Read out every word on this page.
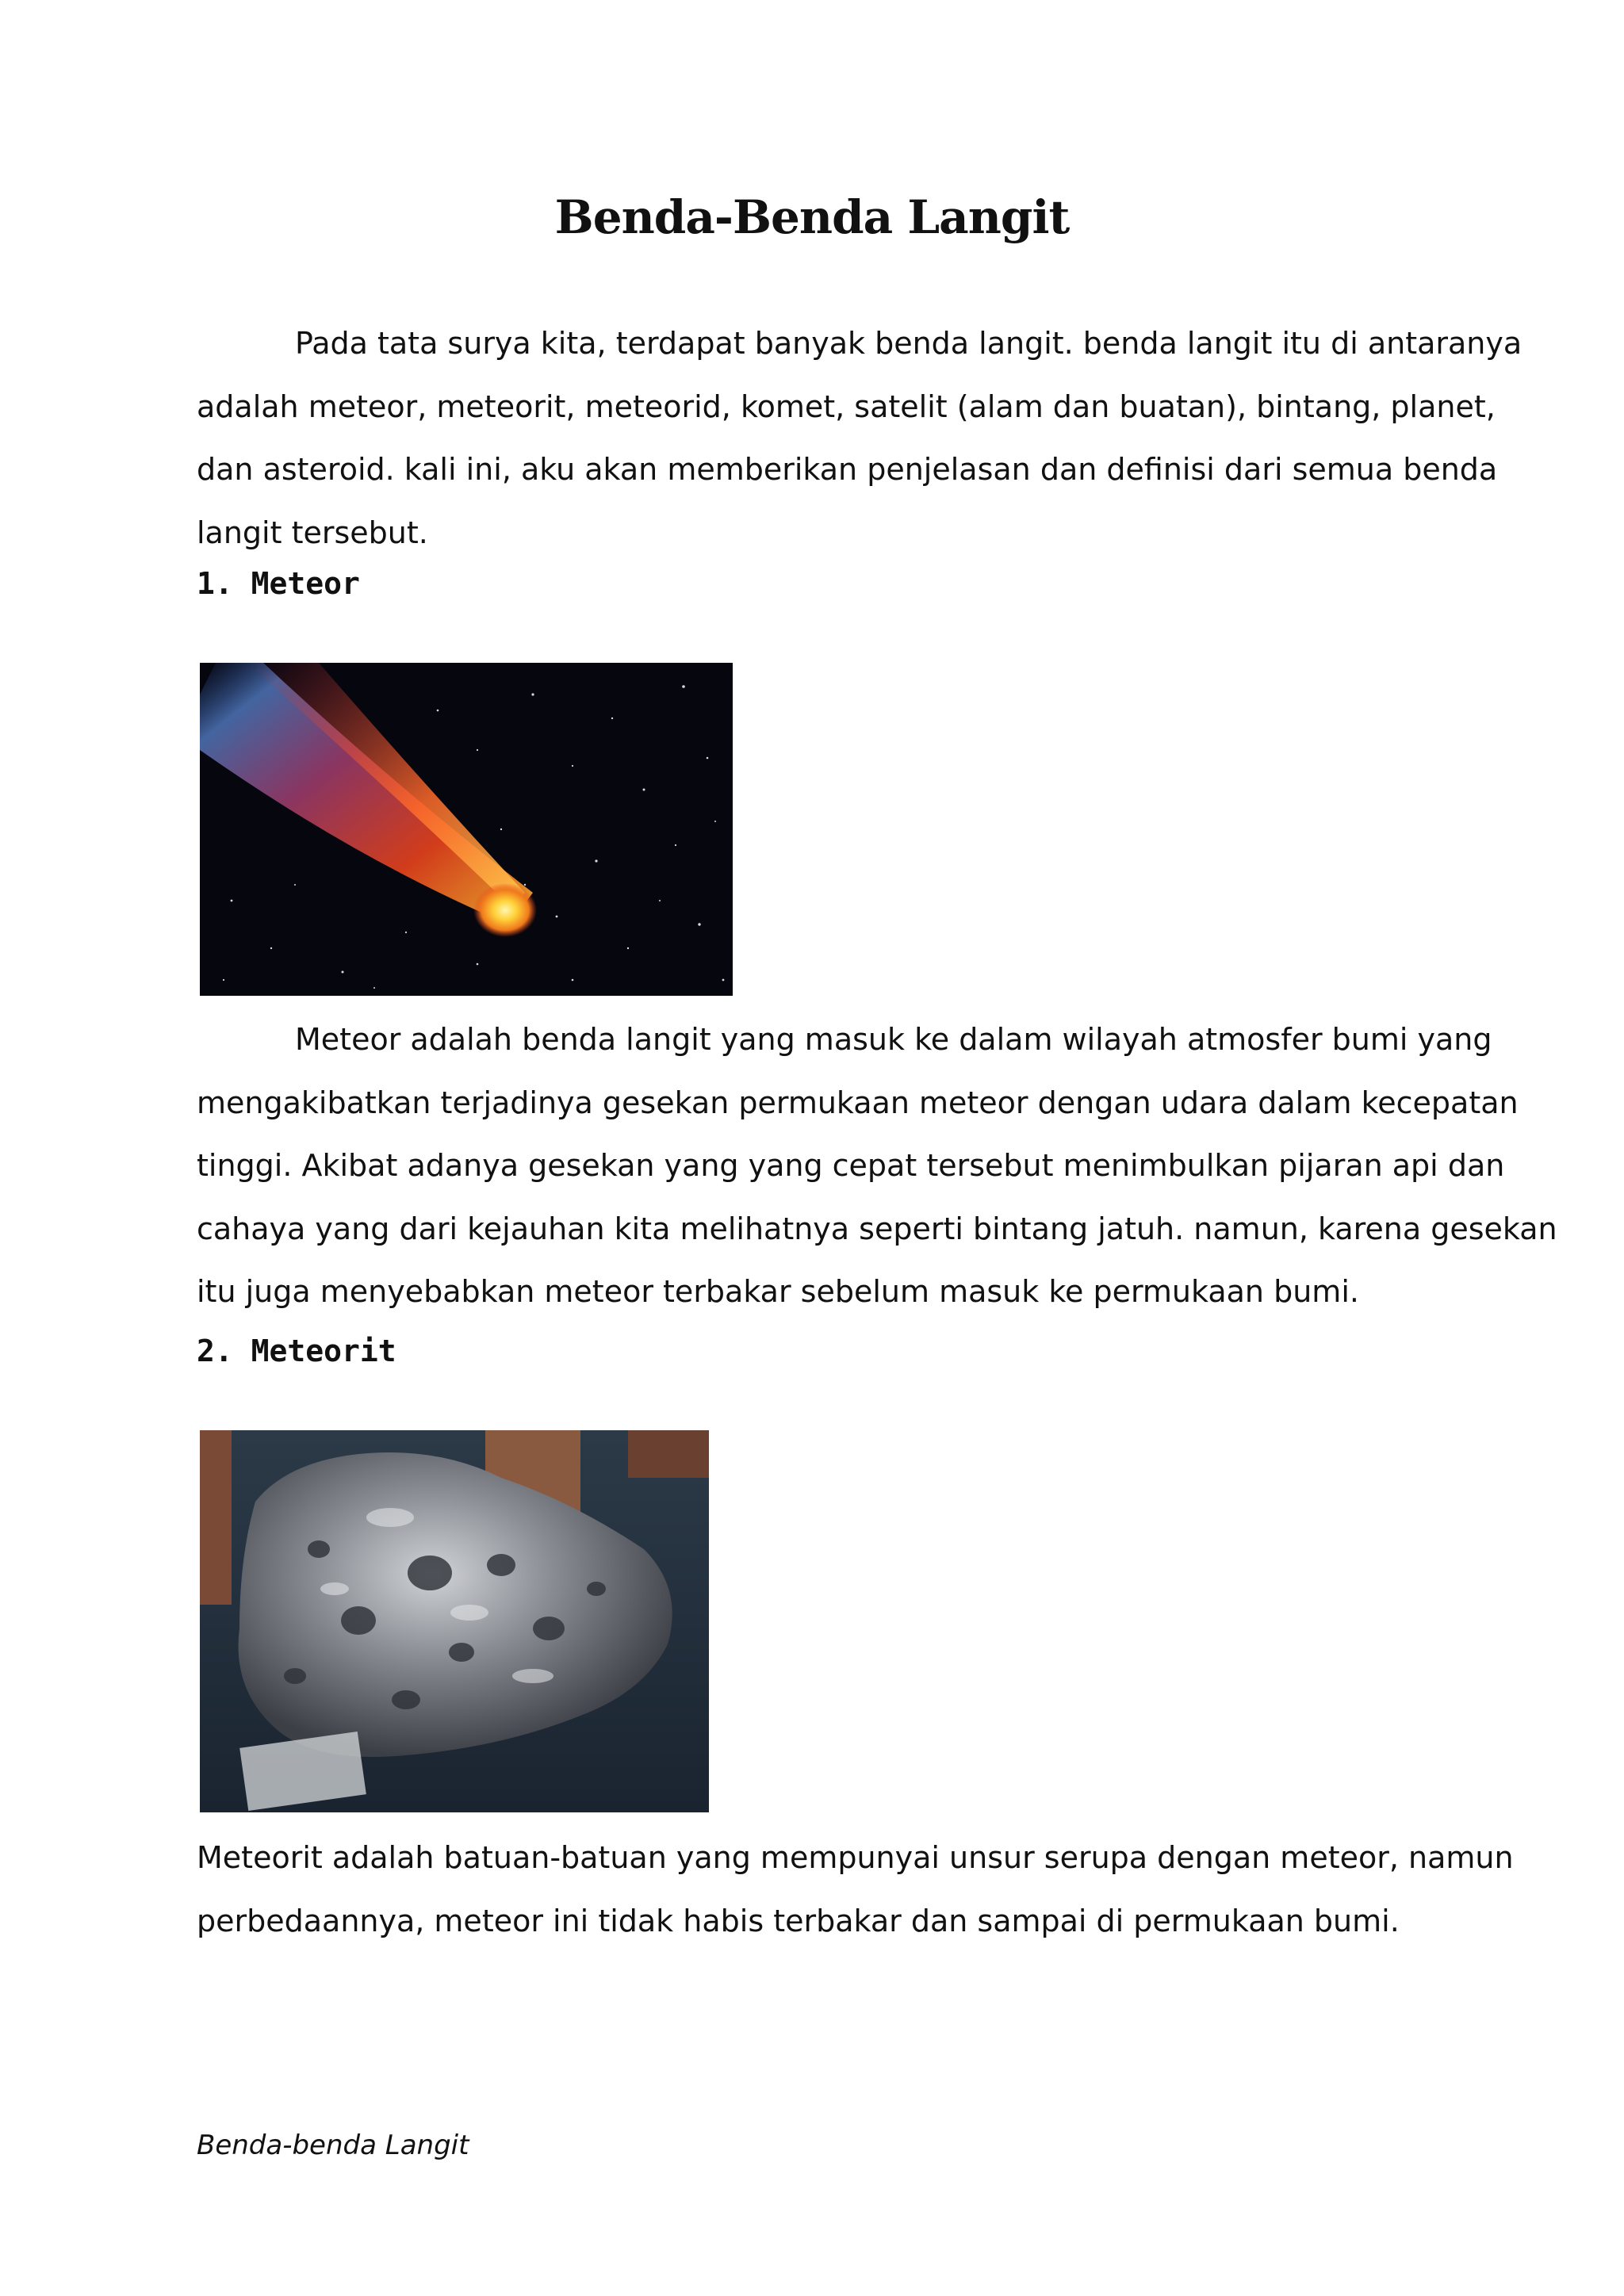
Benda-Benda Langit

Pada tata surya kita, terdapat banyak benda langit. benda langit itu di antaranya
adalah meteor, meteorit, meteorid, komet, satelit (alam dan buatan), bintang, planet,
dan asteroid. kali ini, aku akan memberikan penjelasan dan definisi dari semua benda
langit tersebut.

1. Meteor

Meteor adalah benda langit yang masuk ke dalam wilayah atmosfer bumi yang
mengakibatkan terjadinya gesekan permukaan meteor dengan udara dalam kecepatan
tinggi. Akibat adanya gesekan yang yang cepat tersebut menimbulkan pijaran api dan
cahaya yang dari kejauhan kita melihatnya seperti bintang jatuh. namun, karena gesekan
itu juga menyebabkan meteor terbakar sebelum masuk ke permukaan bumi.

2. Meteorit

Meteorit adalah batuan-batuan yang mempunyai unsur serupa dengan meteor, namun
perbedaannya, meteor ini tidak habis terbakar dan sampai di permukaan bumi.

Benda-benda Langit
